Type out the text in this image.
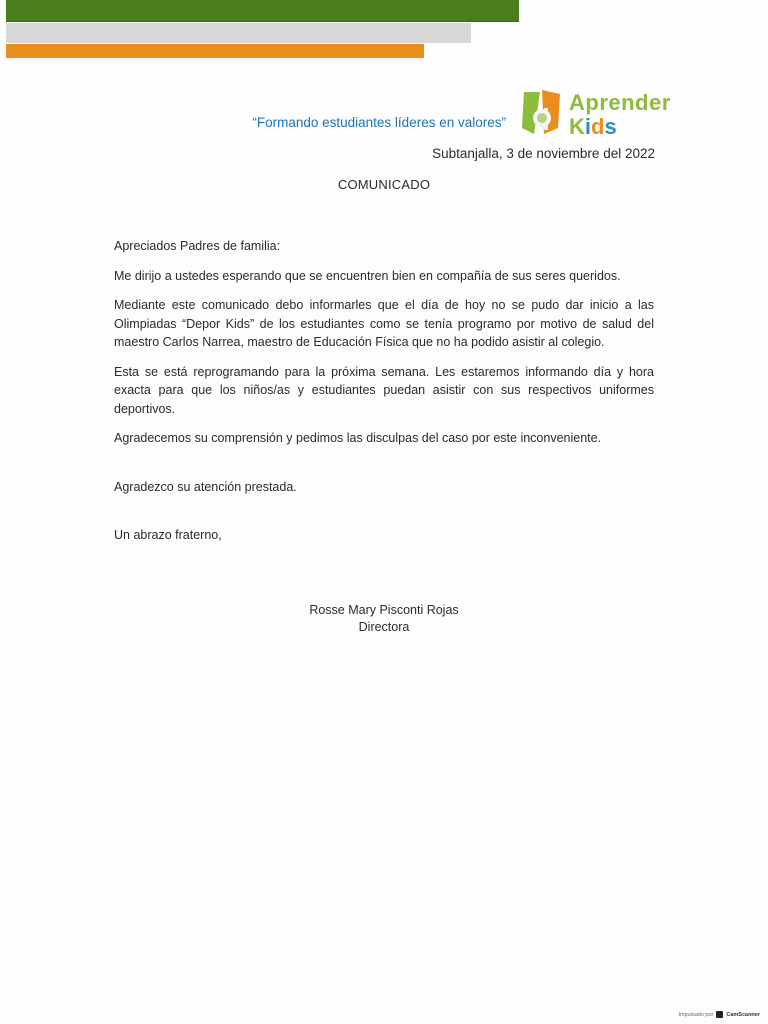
“Formando estudiantes líderes en valores”
Aprender
Kids
Subtanjalla, 3 de noviembre del 2022
COMUNICADO

Apreciados Padres de familia:

Me dirijo a ustedes esperando que se encuentren bien en compañía de sus seres queridos.

Mediante este comunicado debo informarles que el día de hoy no se pudo dar inicio a las Olimpiadas “Depor Kids” de los estudiantes como se tenía programo por motivo de salud del maestro Carlos Narrea, maestro de Educación Física que no ha podido asistir al colegio.

Esta se está reprogramando para la próxima semana. Les estaremos informando día y hora exacta para que los niños/as y estudiantes puedan asistir con sus respectivos uniformes deportivos.

Agradecemos su comprensión y pedimos las disculpas del caso por este inconveniente.

Agradezco su atención prestada.

Un abrazo fraterno,

Rosse Mary Pisconti Rojas
Directora
Impulsado por CamScanner
